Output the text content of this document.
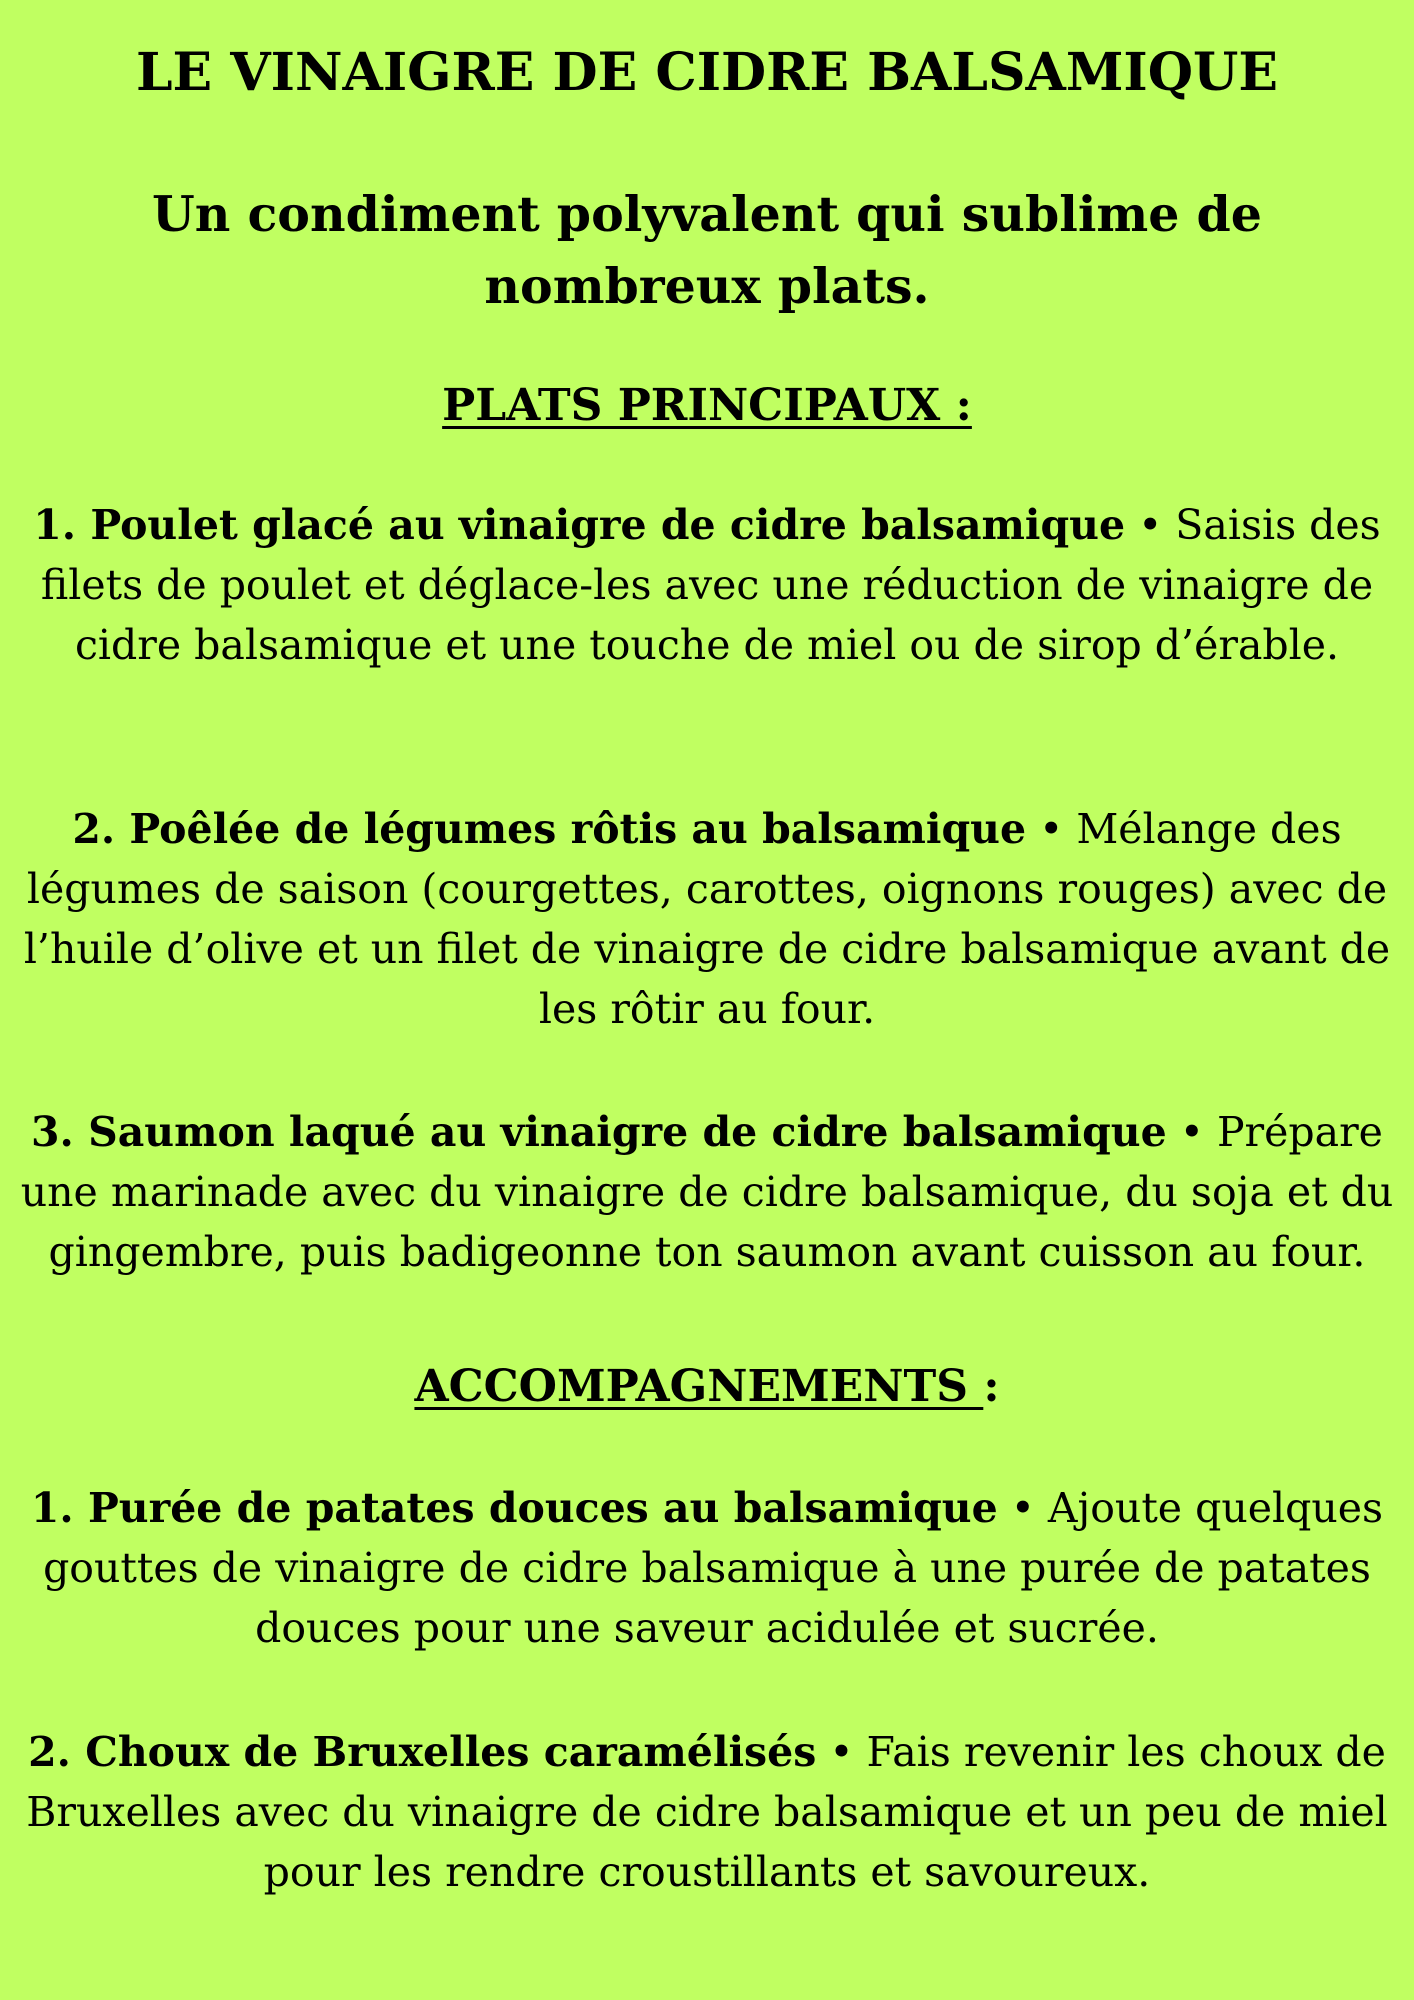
LE VINAIGRE DE CIDRE BALSAMIQUE

Un condiment polyvalent qui sublime de nombreux plats.

PLATS PRINCIPAUX :

1. Poulet glacé au vinaigre de cidre balsamique • Saisis des filets de poulet et déglace-les avec une réduction de vinaigre de cidre balsamique et une touche de miel ou de sirop d’érable.

2. Poêlée de légumes rôtis au balsamique • Mélange des légumes de saison (courgettes, carottes, oignons rouges) avec de l’huile d’olive et un filet de vinaigre de cidre balsamique avant de les rôtir au four.

3. Saumon laqué au vinaigre de cidre balsamique • Prépare une marinade avec du vinaigre de cidre balsamique, du soja et du gingembre, puis badigeonne ton saumon avant cuisson au four.

ACCOMPAGNEMENTS :

1. Purée de patates douces au balsamique • Ajoute quelques gouttes de vinaigre de cidre balsamique à une purée de patates douces pour une saveur acidulée et sucrée.

2. Choux de Bruxelles caramélisés • Fais revenir les choux de Bruxelles avec du vinaigre de cidre balsamique et un peu de miel pour les rendre croustillants et savoureux.
